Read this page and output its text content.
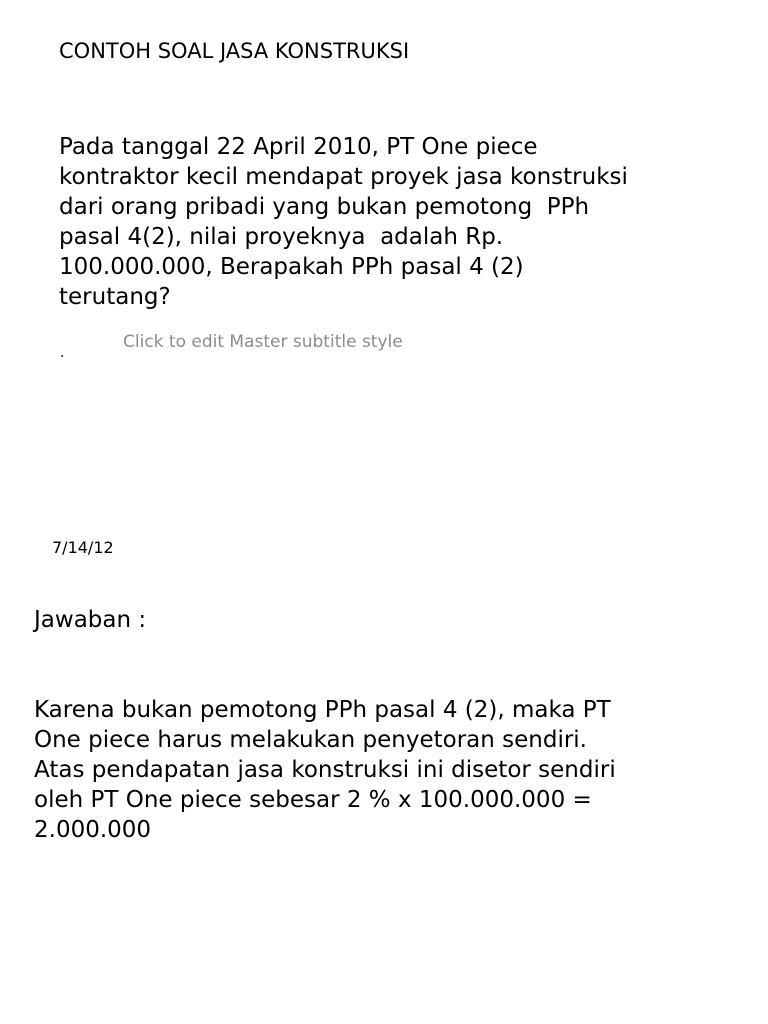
CONTOH SOAL JASA KONSTRUKSI
Pada tanggal 22 April 2010, PT One piece
kontraktor kecil mendapat proyek jasa konstruksi
dari orang pribadi yang bukan pemotong  PPh
pasal 4(2), nilai proyeknya  adalah Rp.
100.000.000, Berapakah PPh pasal 4 (2)
terutang?
.
Click to edit Master subtitle style
7/14/12
Jawaban :
Karena bukan pemotong PPh pasal 4 (2), maka PT
One piece harus melakukan penyetoran sendiri.
Atas pendapatan jasa konstruksi ini disetor sendiri
oleh PT One piece sebesar 2 % x 100.000.000 =
2.000.000
